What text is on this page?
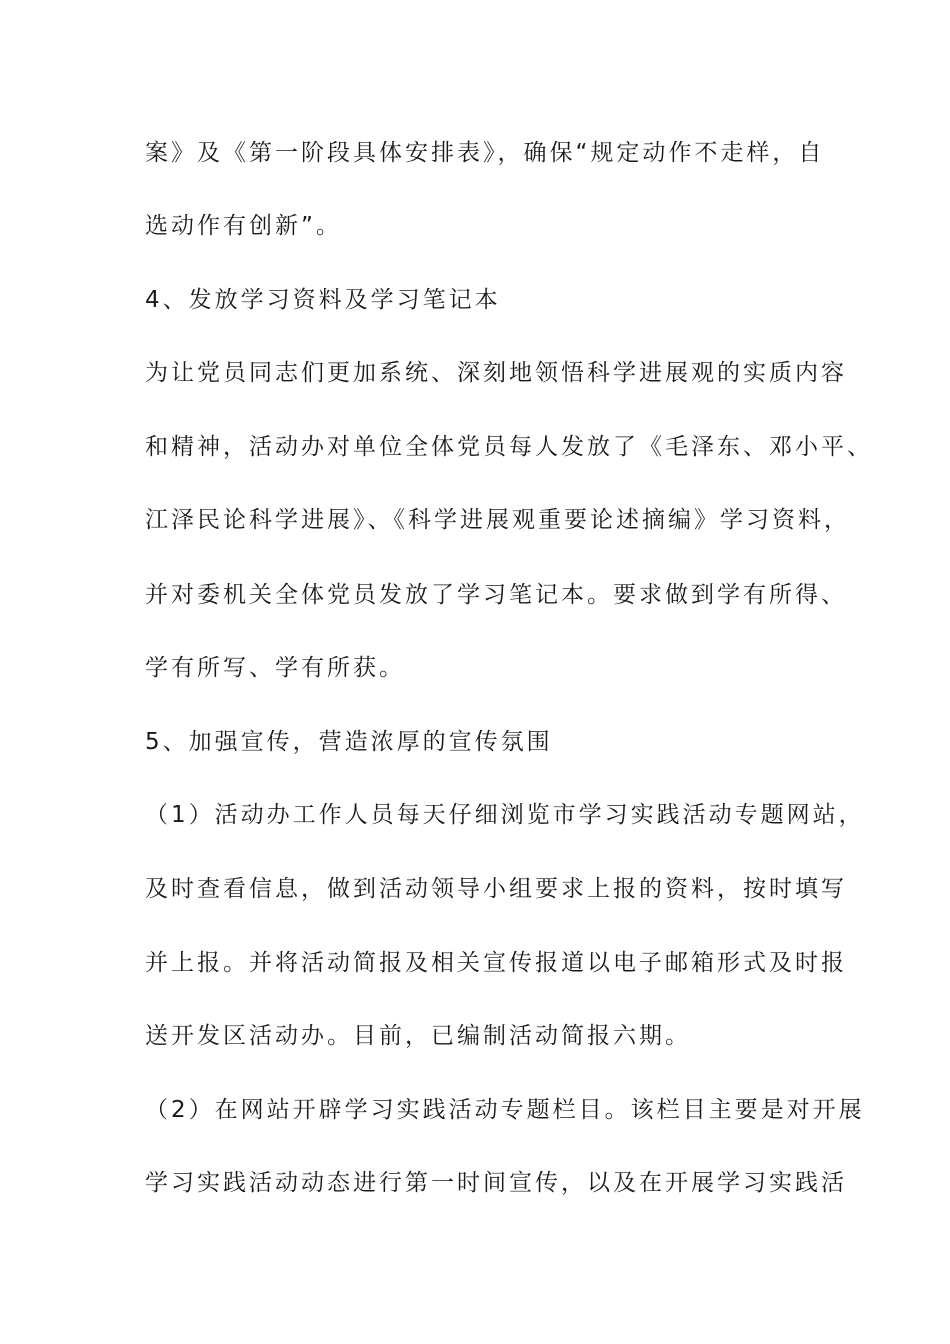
案》及《第一阶段具体安排表》，确保“规定动作不走样，自
选动作有创新”。
4、发放学习资料及学习笔记本
为让党员同志们更加系统、深刻地领悟科学进展观的实质内容
和精神，活动办对单位全体党员每人发放了《毛泽东、邓小平、
江泽民论科学进展》、《科学进展观重要论述摘编》学习资料，
并对委机关全体党员发放了学习笔记本。要求做到学有所得、
学有所写、学有所获。
5、加强宣传，营造浓厚的宣传氛围
（1）活动办工作人员每天仔细浏览市学习实践活动专题网站，
及时查看信息，做到活动领导小组要求上报的资料，按时填写
并上报。并将活动简报及相关宣传报道以电子邮箱形式及时报
送开发区活动办。目前，已编制活动简报六期。
（2）在网站开辟学习实践活动专题栏目。该栏目主要是对开展
学习实践活动动态进行第一时间宣传，以及在开展学习实践活
